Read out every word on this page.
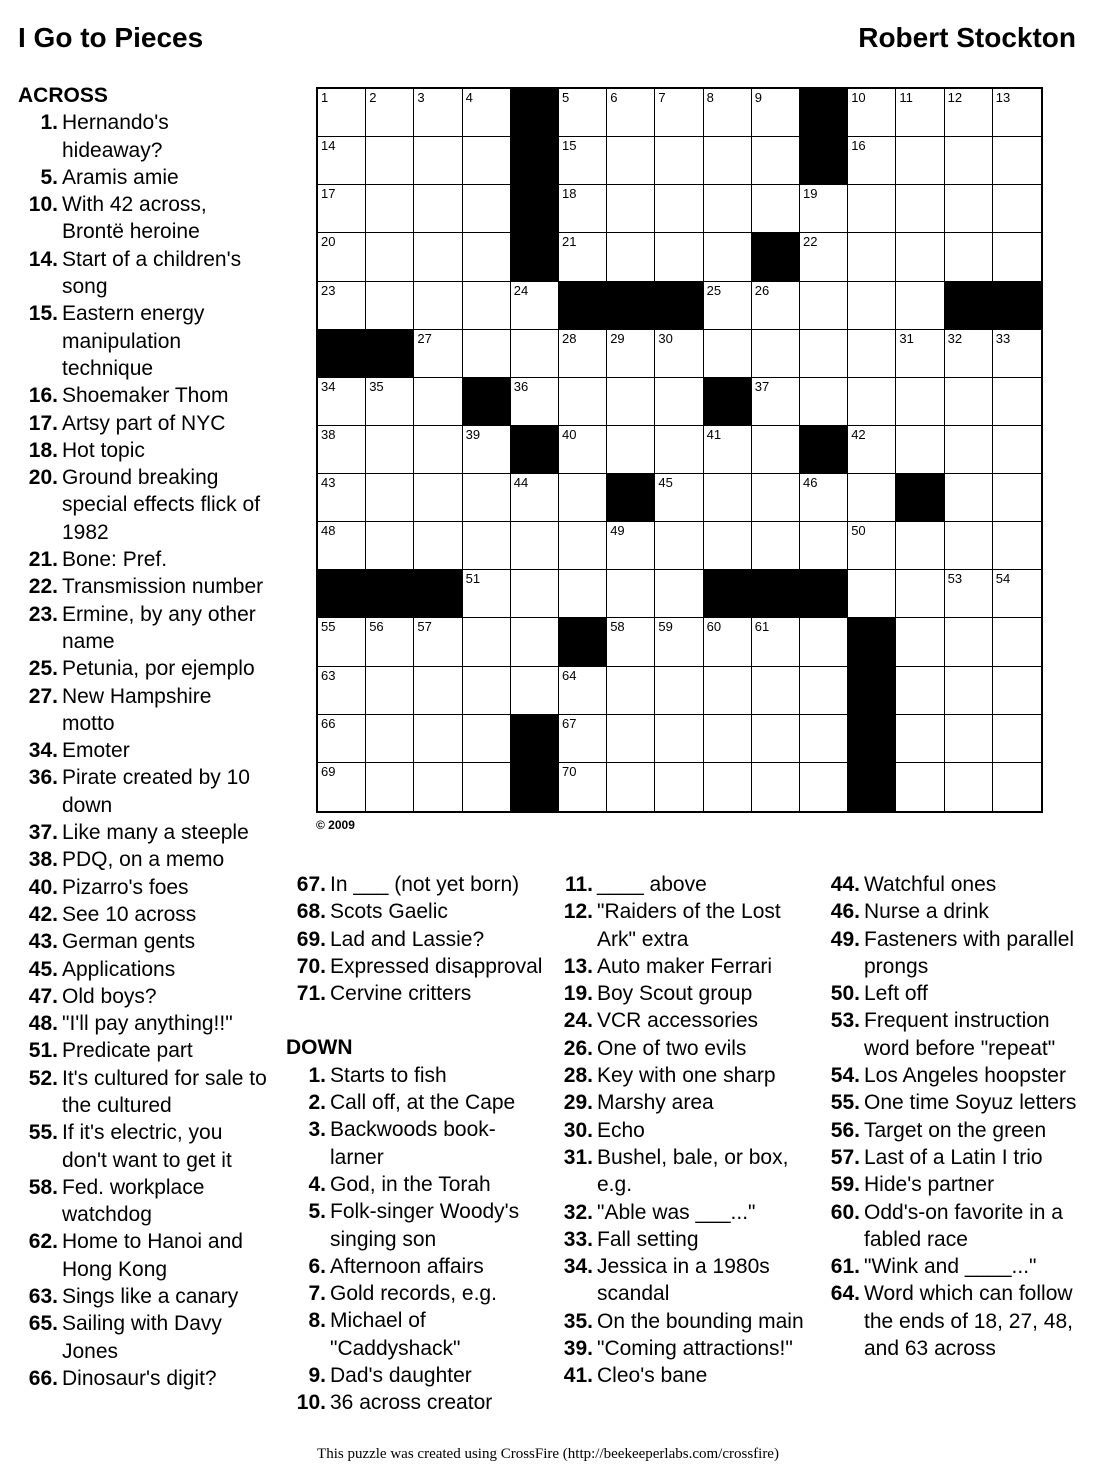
I Go to Pieces	Robert Stockton
ACROSS
1. Hernando's hideaway?
5. Aramis amie
10. With 42 across, Brontë heroine
14. Start of a children's song
15. Eastern energy manipulation technique
16. Shoemaker Thom
17. Artsy part of NYC
18. Hot topic
20. Ground breaking special effects flick of 1982
21. Bone: Pref.
22. Transmission number
23. Ermine, by any other name
25. Petunia, por ejemplo
27. New Hampshire motto
34. Emoter
36. Pirate created by 10 down
37. Like many a steeple
38. PDQ, on a memo
40. Pizarro's foes
42. See 10 across
43. German gents
45. Applications
47. Old boys?
48. "I'll pay anything!!"
51. Predicate part
52. It's cultured for sale to the cultured
55. If it's electric, you don't want to get it
58. Fed. workplace watchdog
62. Home to Hanoi and Hong Kong
63. Sings like a canary
65. Sailing with Davy Jones
66. Dinosaur's digit?
67. In ___ (not yet born)
68. Scots Gaelic
69. Lad and Lassie?
70. Expressed disapproval
71. Cervine critters
DOWN
1. Starts to fish
2. Call off, at the Cape
3. Backwoods book-larner
4. God, in the Torah
5. Folk-singer Woody's singing son
6. Afternoon affairs
7. Gold records, e.g.
8. Michael of "Caddyshack"
9. Dad's daughter
10. 36 across creator
11. ____ above
12. "Raiders of the Lost Ark" extra
13. Auto maker Ferrari
19. Boy Scout group
24. VCR accessories
26. One of two evils
28. Key with one sharp
29. Marshy area
30. Echo
31. Bushel, bale, or box, e.g.
32. "Able was ___..."
33. Fall setting
34. Jessica in a 1980s scandal
35. On the bounding main
39. "Coming attractions!"
41. Cleo's bane
44. Watchful ones
46. Nurse a drink
49. Fasteners with parallel prongs
50. Left off
53. Frequent instruction word before "repeat"
54. Los Angeles hoopster
55. One time Soyuz letters
56. Target on the green
57. Last of a Latin I trio
59. Hide's partner
60. Odd's-on favorite in a fabled race
61. "Wink and ____..."
64. Word which can follow the ends of 18, 27, 48, and 63 across
1	2	3	4	5	6	7	8	9	10	11	12	13
14	15	16
17	18	19
20	21	22
23	24	25	26
27	28	29	30	31	32	33
34	35	36	37
38	39	40	41	42
43	44	45	46	47
48	49	50
51	52	53	54
55	56	57	58	59	60	61	62
63	64	65
66	67	68
69	70	71
© 2009
This puzzle was created using CrossFire (http://beekeeperlabs.com/crossfire)
